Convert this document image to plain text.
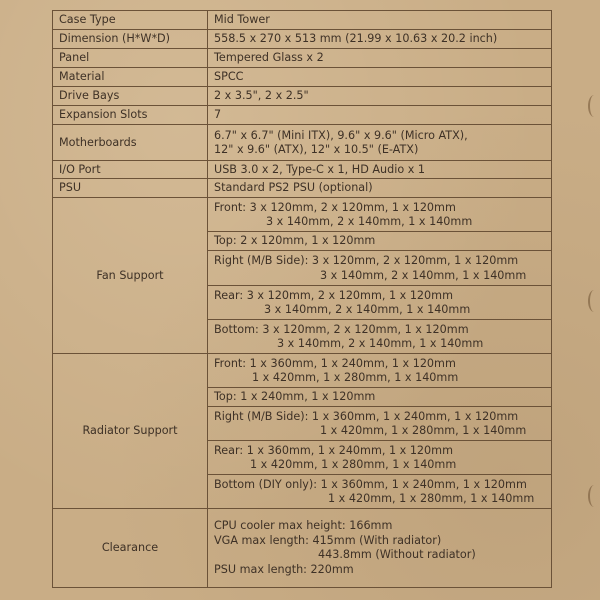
Case Type	Mid Tower
Dimension (H*W*D)	558.5 x 270 x 513 mm (21.99 x 10.63 x 20.2 inch)
Panel	Tempered Glass x 2
Material	SPCC
Drive Bays	2 x 3.5", 2 x 2.5"
Expansion Slots	7
Motherboards	6.7" x 6.7" (Mini ITX), 9.6" x 9.6" (Micro ATX),
12" x 9.6" (ATX), 12" x 10.5" (E-ATX)

I/O Port	USB 3.0 x 2, Type-C x 1, HD Audio x 1
PSU	Standard PS2 PSU (optional)
Fan Support	Front: 3 x 120mm, 2 x 120mm, 1 x 120mm
3 x 140mm, 2 x 140mm, 1 x 140mm

	Top: 2 x 120mm, 1 x 120mm

	Right (M/B Side): 3 x 120mm, 2 x 120mm, 1 x 120mm
3 x 140mm, 2 x 140mm, 1 x 140mm

	Rear: 3 x 120mm, 2 x 120mm, 1 x 120mm
3 x 140mm, 2 x 140mm, 1 x 140mm

	Bottom: 3 x 120mm, 2 x 120mm, 1 x 120mm
3 x 140mm, 2 x 140mm, 1 x 140mm

Radiator Support	Front: 1 x 360mm, 1 x 240mm, 1 x 120mm
1 x 420mm, 1 x 280mm, 1 x 140mm

	Top: 1 x 240mm, 1 x 120mm

	Right (M/B Side): 1 x 360mm, 1 x 240mm, 1 x 120mm
1 x 420mm, 1 x 280mm, 1 x 140mm

	Rear: 1 x 360mm, 1 x 240mm, 1 x 120mm
1 x 420mm, 1 x 280mm, 1 x 140mm

	Bottom (DIY only): 1 x 360mm, 1 x 240mm, 1 x 120mm
1 x 420mm, 1 x 280mm, 1 x 140mm

Clearance	CPU cooler max height: 166mm
VGA max length: 415mm (With radiator)
443.8mm (Without radiator)
PSU max length: 220mm
